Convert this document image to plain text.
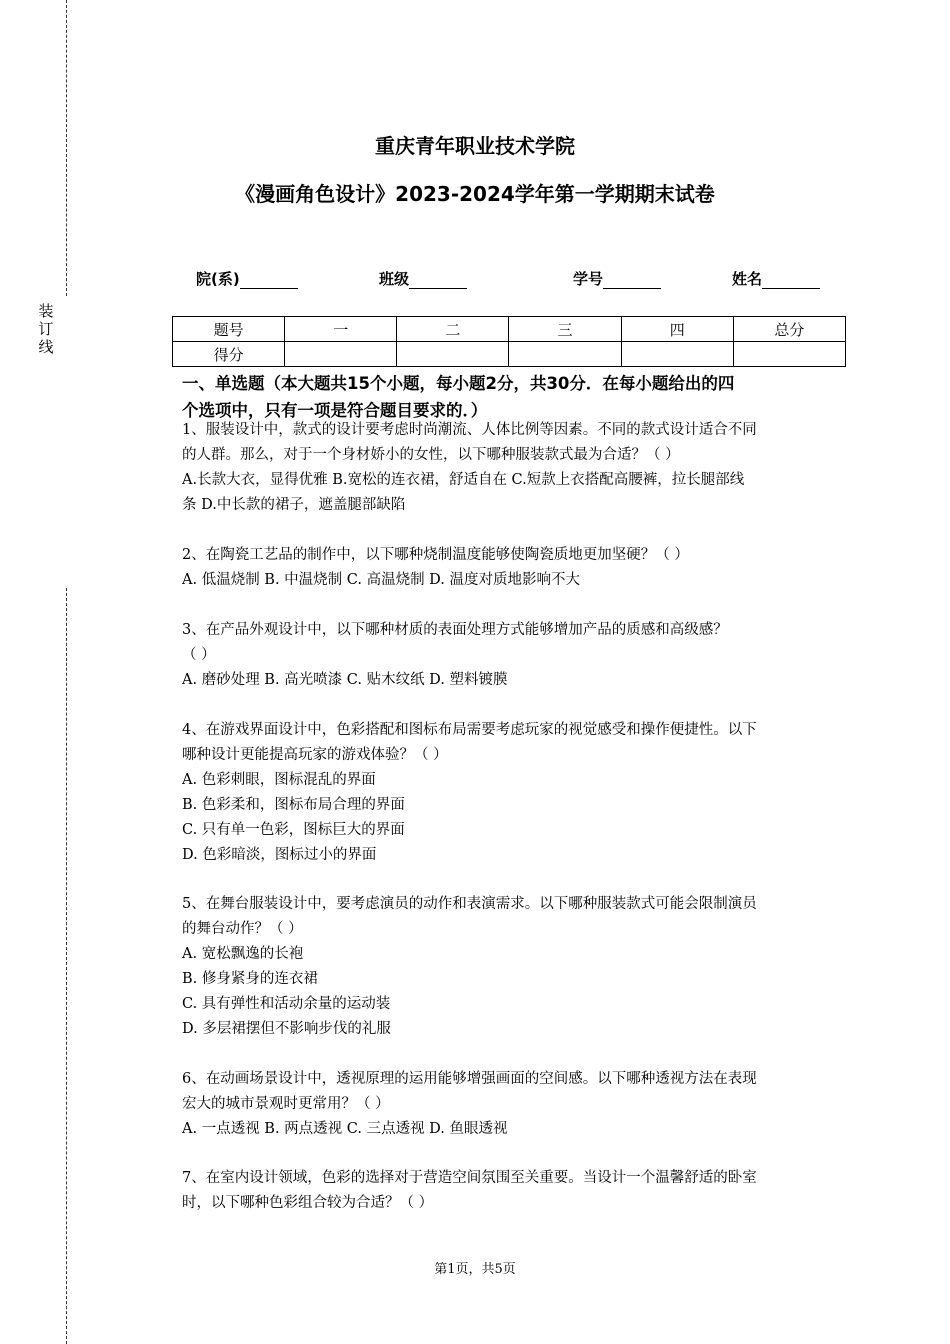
装
订
线
重庆青年职业技术学院
《漫画角色设计》2023-2024学年第一学期期末试卷
院(系)	班级	学号	姓名
题号	一	二	三	四	总分
得分					
一、单选题（本大题共15个小题，每小题2分，共30分．在每小题给出的四
个选项中，只有一项是符合题目要求的．）
1、服装设计中，款式的设计要考虑时尚潮流、人体比例等因素。不同的款式设计适合不同
的人群。那么，对于一个身材娇小的女性，以下哪种服装款式最为合适？（ ）
A.长款大衣，显得优雅 B.宽松的连衣裙，舒适自在 C.短款上衣搭配高腰裤，拉长腿部线
条 D.中长款的裙子，遮盖腿部缺陷
2、在陶瓷工艺品的制作中，以下哪种烧制温度能够使陶瓷质地更加坚硬？（ ）
A. 低温烧制 B. 中温烧制 C. 高温烧制 D. 温度对质地影响不大
3、在产品外观设计中，以下哪种材质的表面处理方式能够增加产品的质感和高级感？
（ ）
A. 磨砂处理 B. 高光喷漆 C. 贴木纹纸 D. 塑料镀膜
4、在游戏界面设计中，色彩搭配和图标布局需要考虑玩家的视觉感受和操作便捷性。以下
哪种设计更能提高玩家的游戏体验？（ ）
A. 色彩刺眼，图标混乱的界面
B. 色彩柔和，图标布局合理的界面
C. 只有单一色彩，图标巨大的界面
D. 色彩暗淡，图标过小的界面
5、在舞台服装设计中，要考虑演员的动作和表演需求。以下哪种服装款式可能会限制演员
的舞台动作？（ ）
A. 宽松飘逸的长袍
B. 修身紧身的连衣裙
C. 具有弹性和活动余量的运动装
D. 多层裙摆但不影响步伐的礼服
6、在动画场景设计中，透视原理的运用能够增强画面的空间感。以下哪种透视方法在表现
宏大的城市景观时更常用？（ ）
A. 一点透视 B. 两点透视 C. 三点透视 D. 鱼眼透视
7、在室内设计领域，色彩的选择对于营造空间氛围至关重要。当设计一个温馨舒适的卧室
时，以下哪种色彩组合较为合适？（ ）
第1页，共5页
